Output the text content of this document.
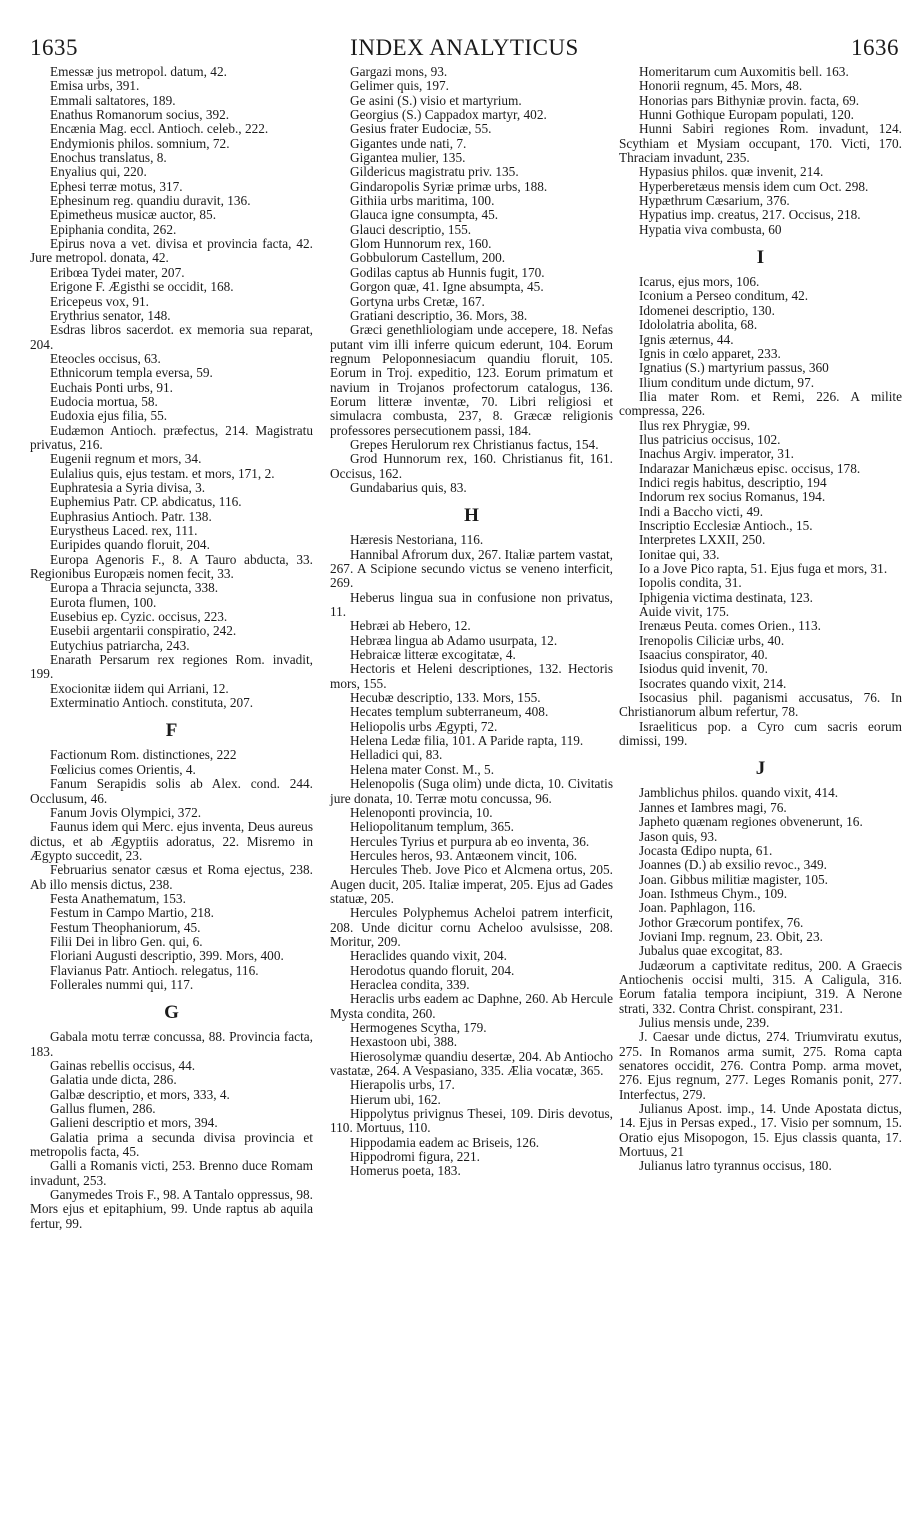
1635	INDEX ANALYTICUS	1636

Emessæ jus metropol. datum, 42.

Emisa urbs, 391.

Emmali saltatores, 189.

Enathus Romanorum socius, 392.

Encænia Mag. eccl. Antioch. celeb., 222.

Endymionis philos. somnium, 72.

Enochus translatus, 8.

Enyalius qui, 220.

Ephesi terræ motus, 317.

Ephesinum reg. quandiu duravit, 136.

Epimetheus musicæ auctor, 85.

Epiphania condita, 262.

Epirus nova a vet. divisa et provincia facta, 42. Jure metropol. donata, 42.

Eribœa Tydei mater, 207.

Erigone F. Ægisthi se occidit, 168.

Ericepeus vox, 91.

Erythrius senator, 148.

Esdras libros sacerdot. ex memoria sua reparat, 204.

Eteocles occisus, 63.

Ethnicorum templa eversa, 59.

Euchais Ponti urbs, 91.

Eudocia mortua, 58.

Eudoxia ejus filia, 55.

Eudæmon Antioch. præfectus, 214. Magistratu privatus, 216.

Eugenii regnum et mors, 34.

Eulalius quis, ejus testam. et mors, 171, 2.

Euphratesia a Syria divisa, 3.

Euphemius Patr. CP. abdicatus, 116.

Euphrasius Antioch. Patr. 138.

Eurystheus Laced. rex, 111.

Euripides quando floruit, 204.

Europa Agenoris F., 8. A Tauro abducta, 33. Regionibus Europæis nomen fecit, 33.

Europa a Thracia sejuncta, 338.

Eurota flumen, 100.

Eusebius ep. Cyzic. occisus, 223.

Eusebii argentarii conspiratio, 242.

Eutychius patriarcha, 243.

Enarath Persarum rex regiones Rom. invadit, 199.

Exocionitæ iidem qui Arriani, 12.

Exterminatio Antioch. constituta, 207.

F

Factionum Rom. distinctiones, 222

Fœlicius comes Orientis, 4.

Fanum Serapidis solis ab Alex. cond. 244. Occlusum, 46.

Fanum Jovis Olympici, 372.

Faunus idem qui Merc. ejus inventa, Deus aureus dictus, et ab Ægyptiis adoratus, 22. Misremo in Ægypto succedit, 23.

Februarius senator cæsus et Roma ejectus, 238. Ab illo mensis dictus, 238.

Festa Anathematum, 153.

Festum in Campo Martio, 218.

Festum Theophaniorum, 45.

Filii Dei in libro Gen. qui, 6.

Floriani Augusti descriptio, 399. Mors, 400.

Flavianus Patr. Antioch. relegatus, 116.

Follerales nummi qui, 117.

G

Gabala motu terræ concussa, 88. Provincia facta, 183.

Gainas rebellis occisus, 44.

Galatia unde dicta, 286.

Galbæ descriptio, et mors, 333, 4.

Gallus flumen, 286.

Galieni descriptio et mors, 394.

Galatia prima a secunda divisa provincia et metropolis facta, 45.

Galli a Romanis victi, 253. Brenno duce Romam invadunt, 253.

Ganymedes Trois F., 98. A Tantalo oppressus, 98. Mors ejus et epitaphium, 99. Unde raptus ab aquila fertur, 99.

Gargazi mons, 93.

Gelimer quis, 197.

Ge asini (S.) visio et martyrium.

Georgius (S.) Cappadox martyr, 402.

Gesius frater Eudociæ, 55.

Gigantes unde nati, 7.

Gigantea mulier, 135.

Gildericus magistratu priv. 135.

Gindaropolis Syriæ primæ urbs, 188.

Githiia urbs maritima, 100.

Glauca igne consumpta, 45.

Glauci descriptio, 155.

Glom Hunnorum rex, 160.

Gobbulorum Castellum, 200.

Godilas captus ab Hunnis fugit, 170.

Gorgon quæ, 41. Igne absumpta, 45.

Gortyna urbs Cretæ, 167.

Gratiani descriptio, 36. Mors, 38.

Græci genethliologiam unde accepere, 18. Nefas putant vim illi inferre quicum ederunt, 104. Eorum regnum Peloponnesiacum quandiu floruit, 105. Eorum in Troj. expeditio, 123. Eorum primatum et navium in Trojanos profectorum catalogus, 136. Eorum litteræ inventæ, 70. Libri religiosi et simulacra combusta, 237, 8. Græcæ religionis professores persecutionem passi, 184.

Grepes Herulorum rex Christianus factus, 154.

Grod Hunnorum rex, 160. Christianus fit, 161. Occisus, 162.

Gundabarius quis, 83.

H

Hæresis Nestoriana, 116.

Hannibal Afrorum dux, 267. Italiæ partem vastat, 267. A Scipione secundo victus se veneno interficit, 269.

Heberus lingua sua in confusione non privatus, 11.

Hebræi ab Hebero, 12.

Hebræa lingua ab Adamo usurpata, 12.

Hebraicæ litteræ excogitatæ, 4.

Hectoris et Heleni descriptiones, 132. Hectoris mors, 155.

Hecubæ descriptio, 133. Mors, 155.

Hecates templum subterraneum, 408.

Heliopolis urbs Ægypti, 72.

Helena Ledæ filia, 101. A Paride rapta, 119.

Helladici qui, 83.

Helena mater Const. M., 5.

Helenopolis (Suga olim) unde dicta, 10. Civitatis jure donata, 10. Terræ motu concussa, 96.

Helenoponti provincia, 10.

Heliopolitanum templum, 365.

Hercules Tyrius et purpura ab eo inventa, 36.

Hercules heros, 93. Antæonem vincit, 106.

Hercules Theb. Jove Pico et Alcmena ortus, 205. Augen ducit, 205. Italiæ imperat, 205. Ejus ad Gades statuæ, 205.

Hercules Polyphemus Acheloi patrem interficit, 208. Unde dicitur cornu Acheloo avulsisse, 208. Moritur, 209.

Heraclides quando vixit, 204.

Herodotus quando floruit, 204.

Heraclea condita, 339.

Heraclis urbs eadem ac Daphne, 260. Ab Hercule Mysta condita, 260.

Hermogenes Scytha, 179.

Hexastoon ubi, 388.

Hierosolymæ quandiu desertæ, 204. Ab Antiocho vastatæ, 264. A Vespasiano, 335. Ælia vocatæ, 365.

Hierapolis urbs, 17.

Hierum ubi, 162.

Hippolytus privignus Thesei, 109. Diris devotus, 110. Mortuus, 110.

Hippodamia eadem ac Briseis, 126.

Hippodromi figura, 221.

Homerus poeta, 183.

Homeritarum cum Auxomitis bell. 163.

Honorii regnum, 45. Mors, 48.

Honorias pars Bithyniæ provin. facta, 69.

Hunni Gothique Europam populati, 120.

Hunni Sabiri regiones Rom. invadunt, 124. Scythiam et Mysiam occupant, 170. Victi, 170. Thraciam invadunt, 235.

Hypasius philos. quæ invenit, 214.

Hyperberetæus mensis idem cum Oct. 298.

Hypæthrum Cæsarium, 376.

Hypatius imp. creatus, 217. Occisus, 218.

Hypatia viva combusta, 60

I

Icarus, ejus mors, 106.

Iconium a Perseo conditum, 42.

Idomenei descriptio, 130.

Idololatria abolita, 68.

Ignis æternus, 44.

Ignis in cœlo apparet, 233.

Ignatius (S.) martyrium passus, 360

Ilium conditum unde dictum, 97.

Ilia mater Rom. et Remi, 226. A milite compressa, 226.

Ilus rex Phrygiæ, 99.

Ilus patricius occisus, 102.

Inachus Argiv. imperator, 31.

Indarazar Manichæus episc. occisus, 178.

Indici regis habitus, descriptio, 194

Indorum rex socius Romanus, 194.

Indi a Baccho victi, 49.

Inscriptio Ecclesiæ Antioch., 15.

Interpretes LXXII, 250.

Ionitae qui, 33.

Io a Jove Pico rapta, 51. Ejus fuga et mors, 31.

Iopolis condita, 31.

Iphigenia victima destinata, 123.

Auide vivit, 175.

Irenæus Peuta. comes Orien., 113.

Irenopolis Ciliciæ urbs, 40.

Isaacius conspirator, 40.

Isiodus quid invenit, 70.

Isocrates quando vixit, 214.

Isocasius phil. paganismi accusatus, 76. In Christianorum album refertur, 78.

Israeliticus pop. a Cyro cum sacris eorum dimissi, 199.

J

Jamblichus philos. quando vixit, 414.

Jannes et Iambres magi, 76.

Japheto quænam regiones obvenerunt, 16.

Jason quis, 93.

Jocasta Œdipo nupta, 61.

Joannes (D.) ab exsilio revoc., 349.

Joan. Gibbus militiæ magister, 105.

Joan. Isthmeus Chym., 109.

Joan. Paphlagon, 116.

Jothor Græcorum pontifex, 76.

Joviani Imp. regnum, 23. Obit, 23.

Jubalus quae excogitat, 83.

Judæorum a captivitate reditus, 200. A Graecis Antiochenis occisi multi, 315. A Caligula, 316. Eorum fatalia tempora incipiunt, 319. A Nerone strati, 332. Contra Christ. conspirant, 231.

Julius mensis unde, 239.

J. Caesar unde dictus, 274. Triumviratu exutus, 275. In Romanos arma sumit, 275. Roma capta senatores occidit, 276. Contra Pomp. arma movet, 276. Ejus regnum, 277. Leges Romanis ponit, 277. Interfectus, 279.

Julianus Apost. imp., 14. Unde Apostata dictus, 14. Ejus in Persas exped., 17. Visio per somnum, 15. Oratio ejus Misopogon, 15. Ejus classis quanta, 17. Mortuus, 21

Julianus latro tyrannus occisus, 180.
